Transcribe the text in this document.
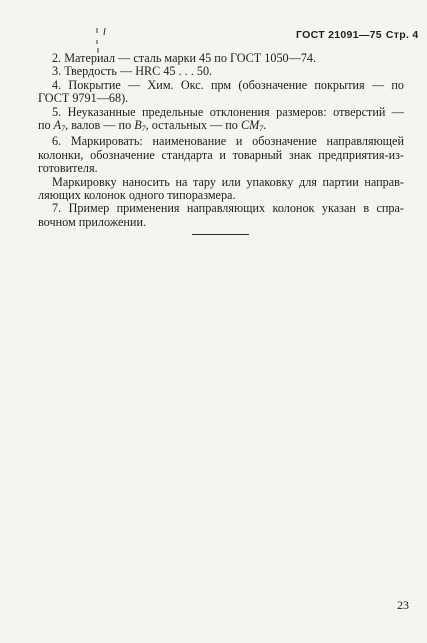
ГОСТ 21091—75 Стр. 4
2. Материал — сталь марки 45 по ГОСТ 1050—74.
3. Твердость — HRC 45 . . . 50.
4. Покрытие — Хим. Окс. прм (обозначение покрытия — по
ГОСТ 9791—68).
5. Неуказанные предельные отклонения размеров: отверстий —
по $A_7$, валов — по $B_7$, остальных — по $CM_7$.
6. Маркировать: наименование и обозначение направляющей
колонки, обозначение стандарта и товарный знак предприятия-из-
готовителя.
Маркировку наносить на тару или упаковку для партии направ-
ляющих колонок одного типоразмера.
7. Пример применения направляющих колонок указан в спра-
вочном приложении.
23
